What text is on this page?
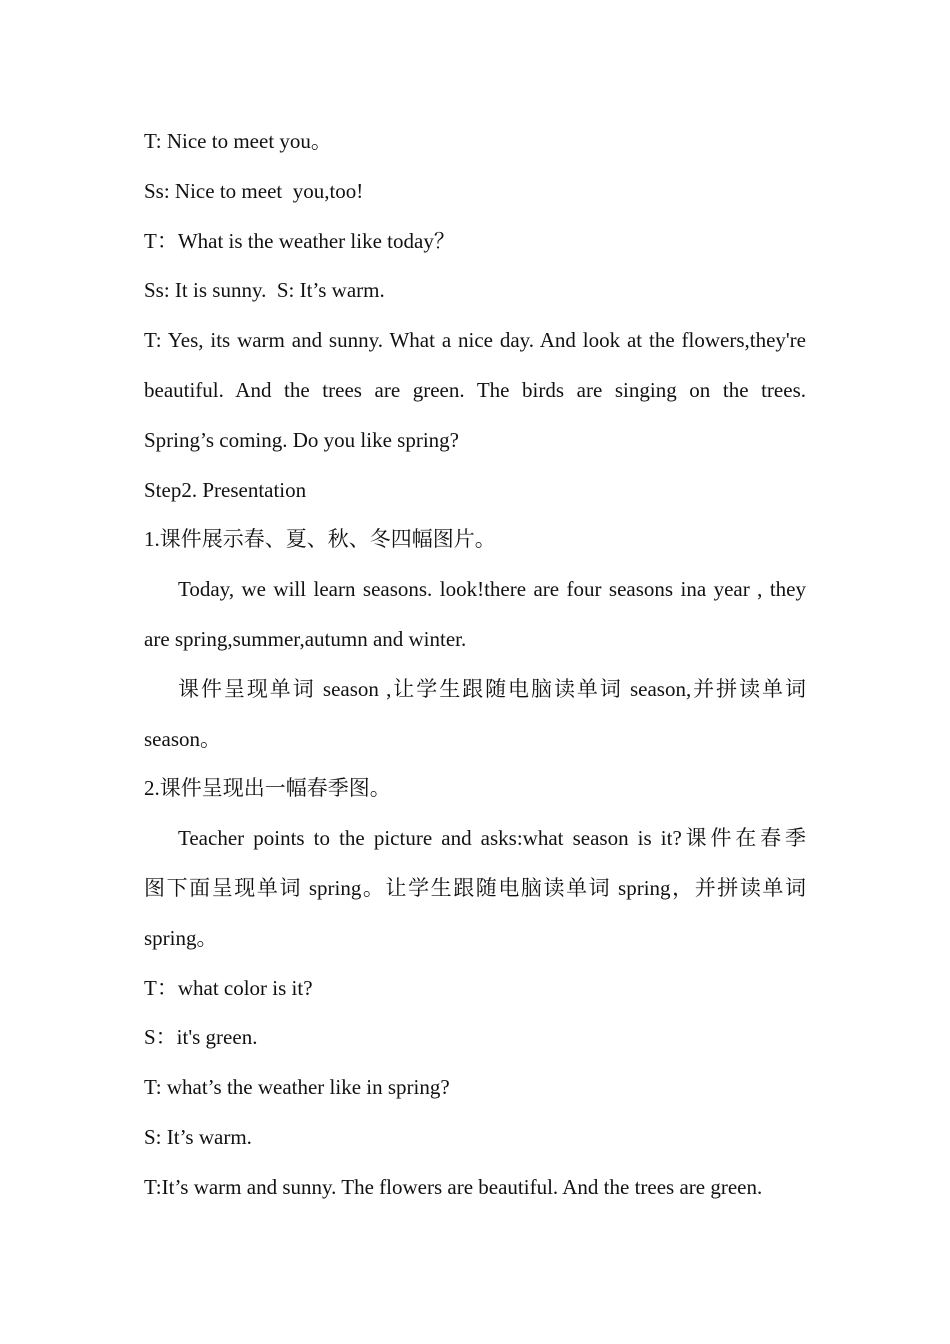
T: Nice to meet you。

Ss: Nice to meet  you,too!

T：What is the weather like today？

Ss: It is sunny.  S: It’s warm.

T: Yes, its warm and sunny. What a nice day. And look at the flowers,they're

beautiful. And the trees are green. The birds are singing on the trees.

Spring’s coming. Do you like spring?

Step2. Presentation

1.课件展示春、夏、秋、冬四幅图片。

Today, we will learn seasons. look!there are four seasons ina year , they

are spring,summer,autumn and winter.

课件呈现单词 season ,让学生跟随电脑读单词 season,并拼读单词

season。

2.课件呈现出一幅春季图。

Teacher points to the picture and asks:what season is it?课件在春季

图下面呈现单词 spring。让学生跟随电脑读单词 spring，并拼读单词

spring。

T：what color is it?

S：it's green.

T: what’s the weather like in spring?

S: It’s warm.

T:It’s warm and sunny. The flowers are beautiful. And the trees are green.
